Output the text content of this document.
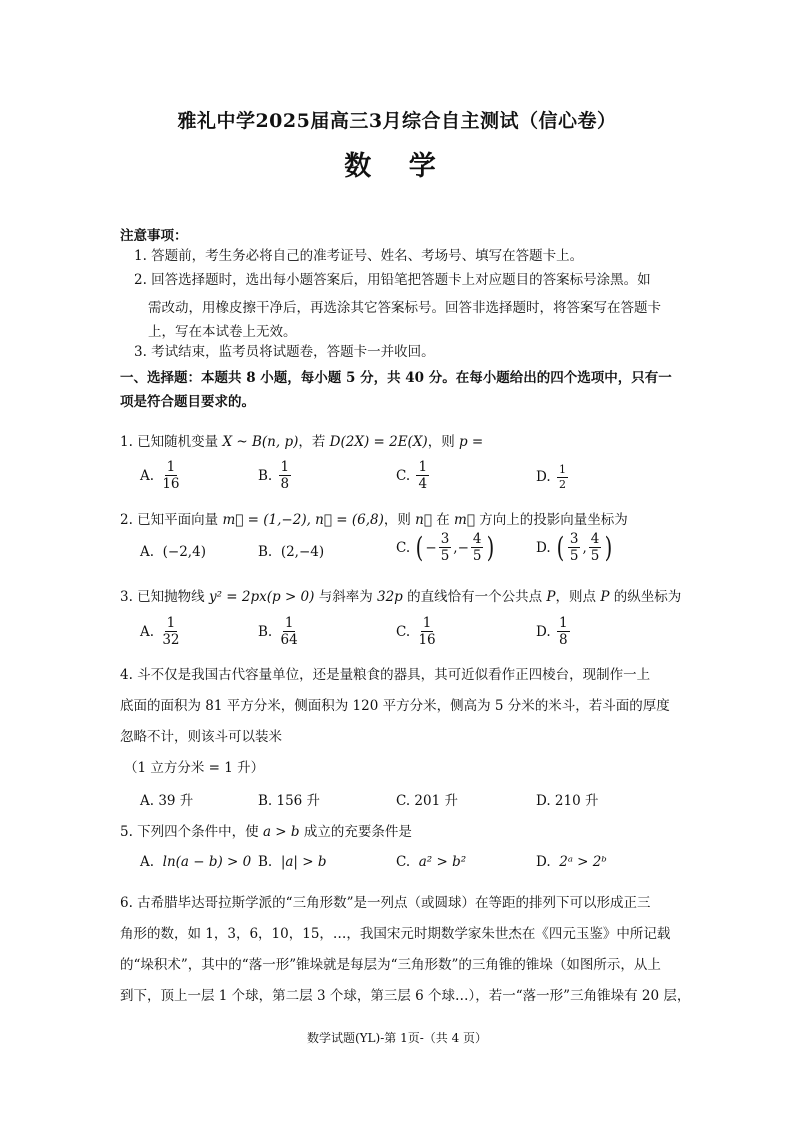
雅礼中学2025届高三3月综合自主测试（信心卷）
数 学
注意事项：
1. 答题前，考生务必将自己的准考证号、姓名、考场号、填写在答题卡上。
2. 回答选择题时，选出每小题答案后，用铅笔把答题卡上对应题目的答案标号涂黑。如
需改动，用橡皮擦干净后，再选涂其它答案标号。回答非选择题时，将答案写在答题卡
上，写在本试卷上无效。
3. 考试结束，监考员将试题卷，答题卡一并收回。
一、选择题：本题共 8 小题，每小题 5 分，共 40 分。在每小题给出的四个选项中，只有一
项是符合题目要求的。
1. 已知随机变量 X ~ B(n, p)，若 D(2X) = 2E(X)，则 p =
A.
$\frac{1}{16}$	B.
$\frac{1}{8}$	C.
$\frac{1}{4}$	D.
$\frac{1}{2}$
2. 已知平面向量 m⃗ = (1,−2), n⃗ = (6,8)，则 n⃗ 在 m⃗ 方向上的投影向量坐标为
A.
(−2,4)	B.
(2,−4)	C.
( − $\frac{3}{5}$ ,− $\frac{4}{5}$ )	D.
( $\frac{3}{5}$ , $\frac{4}{5}$ )
3. 已知抛物线 y² = 2px(p > 0) 与斜率为 32p 的直线恰有一个公共点 P，则点 P 的纵坐标为
A.
$\frac{1}{32}$	B.
$\frac{1}{64}$	C.
$\frac{1}{16}$	D.
$\frac{1}{8}$
4. 斗不仅是我国古代容量单位，还是量粮食的器具，其可近似看作正四棱台，现制作一上
底面的面积为 81 平方分米，侧面积为 120 平方分米，侧高为 5 分米的米斗，若斗面的厚度
忽略不计，则该斗可以装米
（1 立方分米 = 1 升）
A. 39 升	B. 156 升	C. 201 升	D. 210 升
5. 下列四个条件中，使 a > b 成立的充要条件是
A.
ln(a − b) > 0 B.
|a| > b	C.
a² > b²	D.
2ᵃ > 2ᵇ
6. 古希腊毕达哥拉斯学派的“三角形数”是一列点（或圆球）在等距的排列下可以形成正三
角形的数，如 1，3，6，10，15，…，我国宋元时期数学家朱世杰在《四元玉鉴》中所记载
的“垛积术”，其中的“落一形”锥垛就是每层为“三角形数”的三角锥的锥垛（如图所示，从上
到下，顶上一层 1 个球，第二层 3 个球，第三层 6 个球…），若一“落一形”三角锥垛有 20 层，
数学试题(YL)-第 1页-（共 4 页）
